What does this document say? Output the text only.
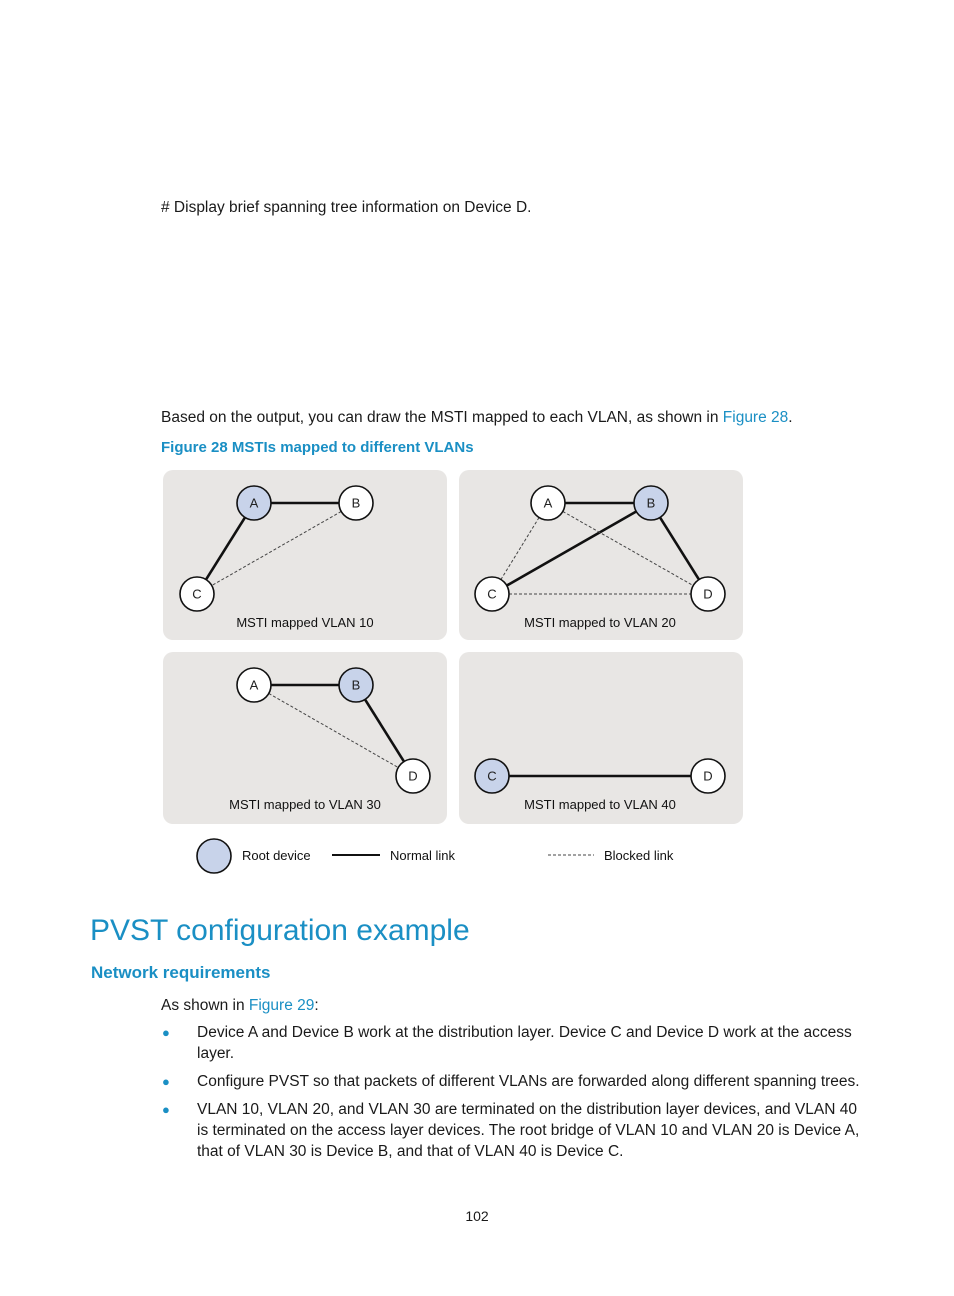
# Display brief spanning tree information on Device D.
Based on the output, you can draw the MSTI mapped to each VLAN, as shown in Figure 28.
Figure 28 MSTIs mapped to different VLANs
A	B
C
MSTI mapped VLAN 10
A	B
C	D
MSTI mapped to VLAN 20
A	B
D
MSTI mapped to VLAN 30
C	D
MSTI mapped to VLAN 40
Root device	Normal link	Blocked link
PVST configuration example
Network requirements
As shown in Figure 29:
● Device A and Device B work at the distribution layer. Device C and Device D work at the access layer.
● Configure PVST so that packets of different VLANs are forwarded along different spanning trees.
● VLAN 10, VLAN 20, and VLAN 30 are terminated on the distribution layer devices, and VLAN 40 is terminated on the access layer devices. The root bridge of VLAN 10 and VLAN 20 is Device A, that of VLAN 30 is Device B, and that of VLAN 40 is Device C.
102
